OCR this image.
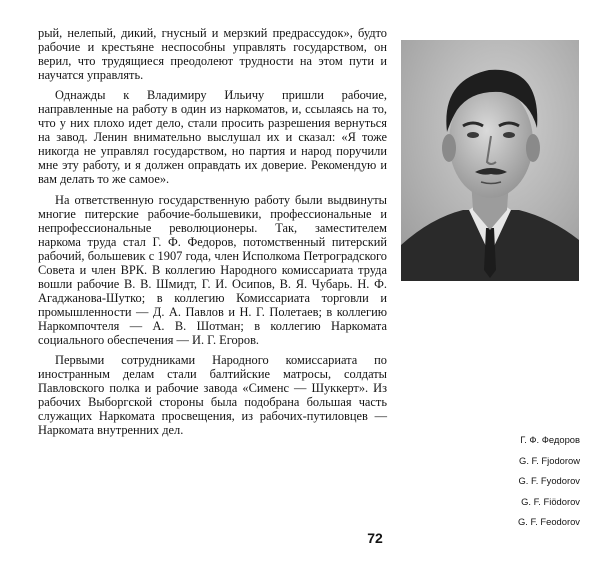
рый, нелепый, дикий, гнусный и мерзкий предрассудок», будто рабочие и крестьяне неспособны управлять государством, он верил, что трудящиеся преодолеют трудности на этом пути и научатся управлять.

Однажды к Владимиру Ильичу пришли рабочие, направленные на работу в один из наркоматов, и, ссылаясь на то, что у них плохо идет дело, стали просить разрешения вернуться на завод. Ленин внимательно выслушал их и сказал: «Я тоже никогда не управлял государством, но партия и народ поручили мне эту работу, и я должен оправдать их доверие. Рекомендую и вам делать то же самое».

На ответственную государственную работу были выдвинуты многие питерские рабочие-большевики, профессиональные и непрофессиональные революционеры. Так, заместителем наркома труда стал Г. Ф. Федоров, потомственный питерский рабочий, большевик с 1907 года, член Исполкома Петроградского Совета и член ВРК. В коллегию Народного комиссариата труда вошли рабочие В. В. Шмидт, Г. И. Осипов, В. Я. Чубарь. Н. Ф. Агаджанова-Шутко; в коллегию Комиссариата торговли и промышленности — Д. А. Павлов и Н. Г. Полетаев; в коллегию Наркомпочтеля — А. В. Шотман; в коллегию Наркомата социального обеспечения — И. Г. Егоров.

Первыми сотрудниками Народного комиссариата по иностранным делам стали балтийские матросы, солдаты Павловского полка и рабочие завода «Сименс — Шуккерт». Из рабочих Выборгской стороны была подобрана большая часть служащих Наркомата просвещения, из рабочих-путиловцев — Наркомата внутренних дел.

Г. Ф. Федоров
G. F. Fjodorow
G. F. Fyodorov
G. F. Fiödorov
G. F. Feodorov
72
